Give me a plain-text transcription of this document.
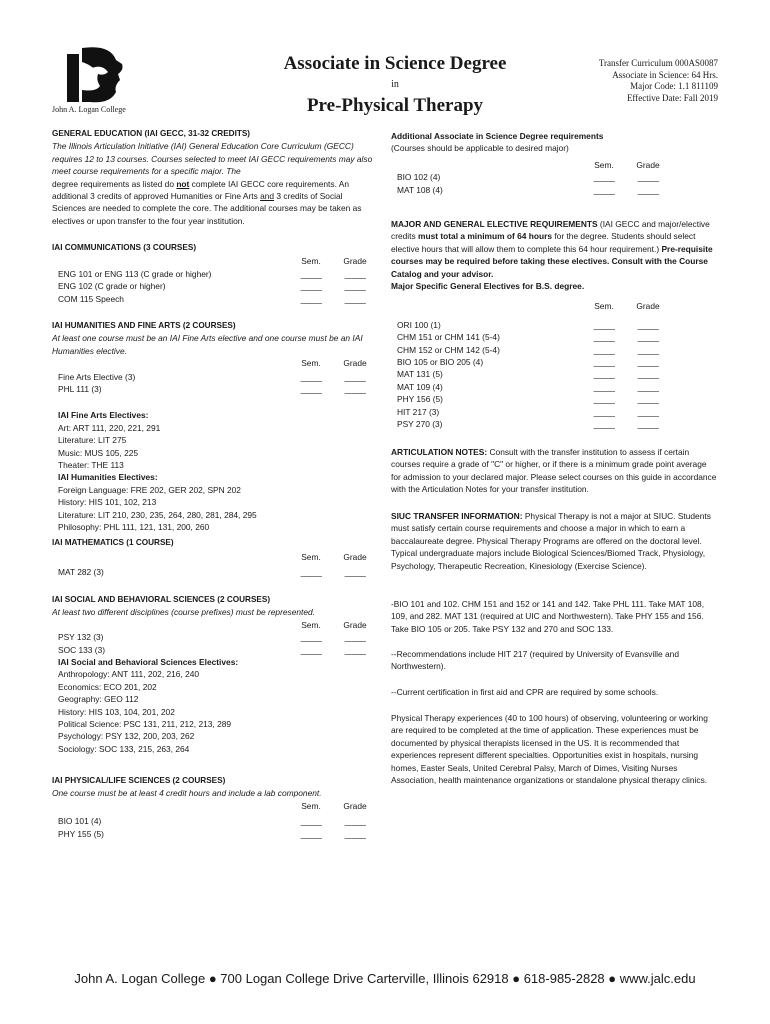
John A. Logan College
Associate in Science Degree
in
Pre-Physical Therapy
Transfer Curriculum 000AS0087
Associate in Science: 64 Hrs.
Major Code: 1.1 811109
Effective Date: Fall 2019
GENERAL EDUCATION (IAI GECC, 31-32 CREDITS)
The Illinois Articulation Initiative (IAI) General Education Core Curriculum (GECC) requires 12 to 13 courses. Courses selected to meet IAI GECC requirements may also meet course requirements for a specific major. The
degree requirements as listed do not complete IAI GECC core requirements. An additional 3 credits of approved Humanities or Fine Arts and 3 credits of Social Sciences are needed to complete the core. The additional courses may be taken as electives or upon transfer to the four year institution.
IAI COMMUNICATIONS (3 COURSES)
Sem.	Grade
ENG 101 or ENG 113 (C grade or higher)	_____	_____
ENG 102 (C grade or higher)	_____	_____
COM 115 Speech	_____	_____
IAI HUMANITIES AND FINE ARTS (2 COURSES)
At least one course must be an IAI Fine Arts elective and one course must be an IAI Humanities elective.
Sem.	Grade
Fine Arts Elective (3)	_____	_____
PHL 111 (3)	_____	_____
IAI Fine Arts Electives:
Art: ART 111, 220, 221, 291
Literature: LIT 275
Music: MUS 105, 225
Theater: THE 113
IAI Humanities Electives:
Foreign Language: FRE 202, GER 202, SPN 202
History: HIS 101, 102, 213
Literature: LIT 210, 230, 235, 264, 280, 281, 284, 295
Philosophy: PHL 111, 121, 131, 200, 260
IAI MATHEMATICS (1 COURSE)
Sem.	Grade
MAT 282 (3)	_____	_____
IAI SOCIAL AND BEHAVIORAL SCIENCES (2 COURSES)
At least two different disciplines (course prefixes) must be represented.
Sem.	Grade
PSY 132 (3)	_____	_____
SOC 133 (3)	_____	_____
IAI Social and Behavioral Sciences Electives:
Anthropology: ANT 111, 202, 216, 240
Economics: ECO 201, 202
Geography: GEO 112
History: HIS 103, 104, 201, 202
Political Science: PSC 131, 211, 212, 213, 289
Psychology: PSY 132, 200, 203, 262
Sociology: SOC 133, 215, 263, 264
IAI PHYSICAL/LIFE SCIENCES (2 COURSES)
One course must be at least 4 credit hours and include a lab component.
Sem.	Grade
BIO 101 (4)	_____	_____
PHY 155 (5)	_____	_____
Additional Associate in Science Degree requirements
(Courses should be applicable to desired major)
Sem.	Grade
BIO 102 (4)	_____	_____
MAT 108 (4)	_____	_____
MAJOR AND GENERAL ELECTIVE REQUIREMENTS (IAI GECC and major/elective credits must total a minimum of 64 hours for the degree. Students should select elective hours that will allow them to complete this 64 hour requirement.) Pre-requisite courses may be required before taking these electives. Consult with the Course Catalog and your advisor.
Major Specific General Electives for B.S. degree.
Sem.	Grade
ORI 100 (1)	_____	_____
CHM 151 or CHM 141 (5-4)	_____	_____
CHM 152 or CHM 142 (5-4)	_____	_____
BIO 105 or BIO 205 (4)	_____	_____
MAT 131 (5)	_____	_____
MAT 109 (4)	_____	_____
PHY 156 (5)	_____	_____
HIT 217 (3)	_____	_____
PSY 270 (3)	_____	_____
ARTICULATION NOTES: Consult with the transfer institution to assess if certain courses require a grade of "C" or higher, or if there is a minimum grade point average for admission to your declared major. Please select courses on this guide in accordance with the Articulation Notes for your transfer institution.
SIUC TRANSFER INFORMATION: Physical Therapy is not a major at SIUC. Students must satisfy certain course requirements and choose a major in which to earn a baccalaureate degree. Physical Therapy Programs are offered on the doctoral level. Typical undergraduate majors include Biological Sciences/Biomed Track, Physiology, Psychology, Therapeutic Recreation, Kinesiology (Exercise Science).
-BIO 101 and 102. CHM 151 and 152 or 141 and 142. Take PHL 111. Take MAT 108, 109, and 282. MAT 131 (required at UIC and Northwestern). Take PHY 155 and 156. Take BIO 105 or 205. Take PSY 132 and 270 and SOC 133.
--Recommendations include HIT 217 (required by University of Evansville and Northwestern).
--Current certification in first aid and CPR are required by some schools.
Physical Therapy experiences (40 to 100 hours) of observing, volunteering or working are required to be completed at the time of application. These experiences must be documented by physical therapists licensed in the US. It is recommended that experiences represent different specialties. Opportunities exist in hospitals, nursing homes, Easter Seals, United Cerebral Palsy, March of Dimes, Visiting Nurses Association, health maintenance organizations or standalone physical therapy clinics.
John A. Logan College ● 700 Logan College Drive Carterville, Illinois 62918 ● 618-985-2828 ● www.jalc.edu
